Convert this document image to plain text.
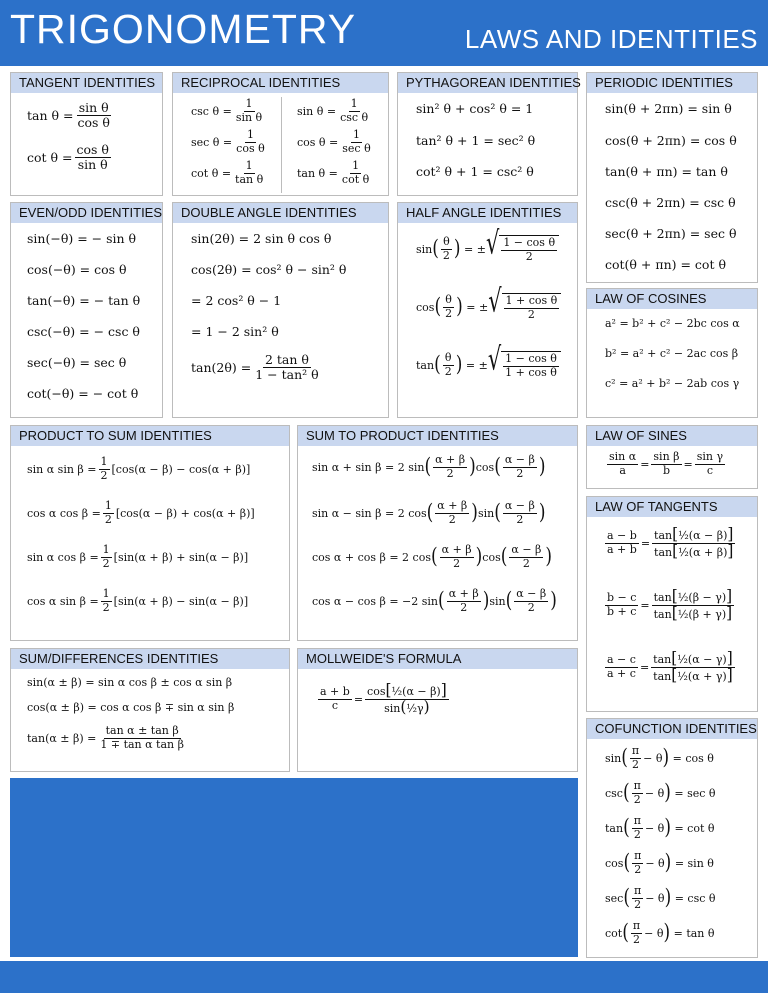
TRIGONOMETRY	LAWS AND IDENTITIES
TANGENT IDENTITIES
$\tan \theta = \frac{\text{sin θ}}{\text{cos θ}}$
$\cot \theta = \frac{\text{cos θ}}{\text{sin θ}}$
RECIPROCAL IDENTITIES
$\csc \theta = \frac{1}{\text{sin θ}}$
$\sec \theta = \frac{1}{\text{cos θ}}$
$\cot \theta = \frac{1}{\text{tan θ}}$
$\sin \theta = \frac{1}{\text{csc θ}}$
$\cos \theta = \frac{1}{\text{sec θ}}$
$\tan \theta = \frac{1}{\text{cot θ}}$
PYTHAGOREAN IDENTITIES
sin² θ + cos² θ = 1
tan² θ + 1 = sec² θ
cot² θ + 1 = csc² θ
PERIODIC IDENTITIES
sin(θ + 2πn) = sin θ
cos(θ + 2πn) = cos θ
tan(θ + πn) = tan θ
csc(θ + 2πn) = csc θ
sec(θ + 2πn) = sec θ
cot(θ + πn) = cot θ
EVEN/ODD IDENTITIES
sin(−θ) = − sin θ
cos(−θ) = cos θ
tan(−θ) = − tan θ
csc(−θ) = − csc θ
sec(−θ) = sec θ
cot(−θ) = − cot θ
DOUBLE ANGLE IDENTITIES
sin(2θ) = 2 sin θ cos θ
cos(2θ) = cos² θ − sin² θ
= 2 cos² θ − 1
= 1 − 2 sin² θ
$\tan(2\theta) = \frac{\text{2 tan θ}}{\text{1 − tan² θ}}$
HALF ANGLE IDENTITIES
sin ( $\frac{\theta}{2}$ ) = ± √ $\frac{\text{1 − cos θ}}{2}$
cos ( $\frac{\theta}{2}$ ) = ± √ $\frac{\text{1 + cos θ}}{2}$
tan ( $\frac{\theta}{2}$ ) = ± √ $\frac{\text{1 − cos θ}}{\text{1 + cos θ}}$
LAW OF COSINES
a² = b² + c² − 2bc cos α
b² = a² + c² − 2ac cos β
c² = a² + b² − 2ab cos γ
PRODUCT TO SUM IDENTITIES
sin α $\sin \beta = \frac{1}{2} [\cos(\alpha - \beta) - \cos(\alpha + \beta)]$
cos α $\cos \beta = \frac{1}{2} [\cos(\alpha - \beta) + \cos(\alpha + \beta)]$
sin α $\cos \beta = \frac{1}{2} [\sin(\alpha + \beta) + \sin(\alpha - \beta)]$
cos α $\sin \beta = \frac{1}{2} [\sin(\alpha + \beta) - \sin(\alpha - \beta)]$
SUM TO PRODUCT IDENTITIES
sin α + sin β = 2 sin ( $\frac{\alpha + \beta}{2}$ ) cos ( $\frac{\alpha - \beta}{2}$ )
sin α − sin β = 2 cos ( $\frac{\alpha + \beta}{2}$ ) sin ( $\frac{\alpha - \beta}{2}$ )
cos α + cos β = 2 cos ( $\frac{\alpha + \beta}{2}$ ) cos ( $\frac{\alpha - \beta}{2}$ )
cos α − cos β = −2 sin ( $\frac{\alpha + \beta}{2}$ ) sin ( $\frac{\alpha - \beta}{2}$ )
LAW OF SINES
$\frac{\text{sin α}}{a} = \frac{\text{sin β}}{b} = \frac{\text{sin γ}}{c}$
LAW OF TANGENTS
$\frac{a - b}{a + b} = \frac{\text{tan[½(α − β)]}}{\text{tan[½(α + β)]}}$
$\frac{b - c}{b + c} = \frac{\text{tan[½(β − γ)]}}{\text{tan[½(β + γ)]}}$
$\frac{a - c}{a + c} = \frac{\text{tan[½(α − γ)]}}{\text{tan[½(α + γ)]}}$
SUM/DIFFERENCES IDENTITIES
sin(α ± β) = sin α cos β ± cos α sin β
cos(α ± β) = cos α cos β ∓ sin α sin β
$\tan(\alpha \pm \beta) = \frac{\text{tan α ± tan β}}{\text{1 ∓ tan α tan β}}$
MOLLWEIDE'S FORMULA
$\frac{a + b}{c} = \frac{\text{cos[½(α − β)]}}{\text{sin(½γ)}}$
COFUNCTION IDENTITIES
sin ( $\frac{\pi}{2} - \theta$ ) = cos θ
csc ( $\frac{\pi}{2} - \theta$ ) = sec θ
tan ( $\frac{\pi}{2} - \theta$ ) = cot θ
cos ( $\frac{\pi}{2} - \theta$ ) = sin θ
sec ( $\frac{\pi}{2} - \theta$ ) = csc θ
cot ( $\frac{\pi}{2} - \theta$ ) = tan θ
